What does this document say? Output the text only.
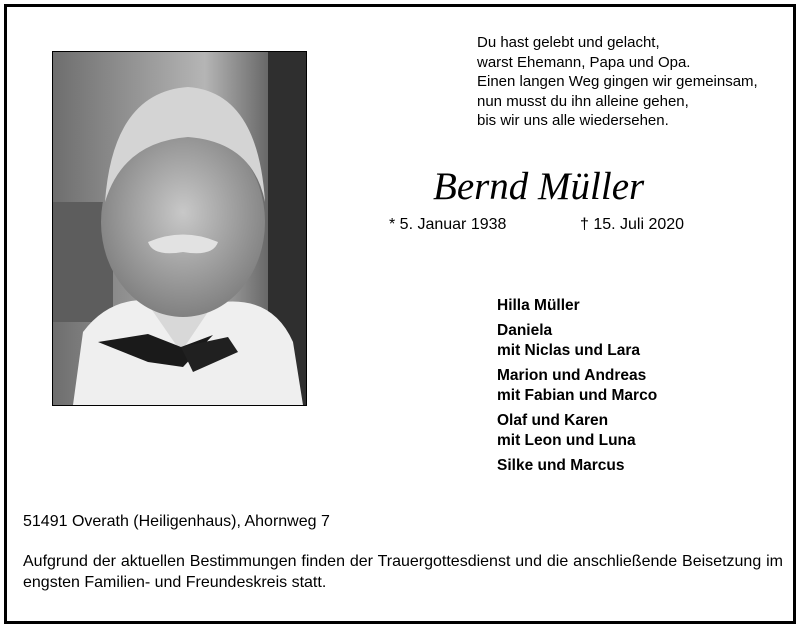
Du hast gelebt und gelacht,
warst Ehemann, Papa und Opa.
Einen langen Weg gingen wir gemeinsam,
nun musst du ihn alleine gehen,
bis wir uns alle wiedersehen.
Bernd Müller
* 5. Januar 1938	† 15. Juli 2020
Hilla Müller
Daniela
mit Niclas und Lara
Marion und Andreas
mit Fabian und Marco
Olaf und Karen
mit Leon und Luna
Silke und Marcus
51491 Overath (Heiligenhaus), Ahornweg 7
Aufgrund der aktuellen Bestimmungen finden der Trauergottesdienst und die anschließende Beisetzung im engsten Familien- und Freundeskreis statt.
